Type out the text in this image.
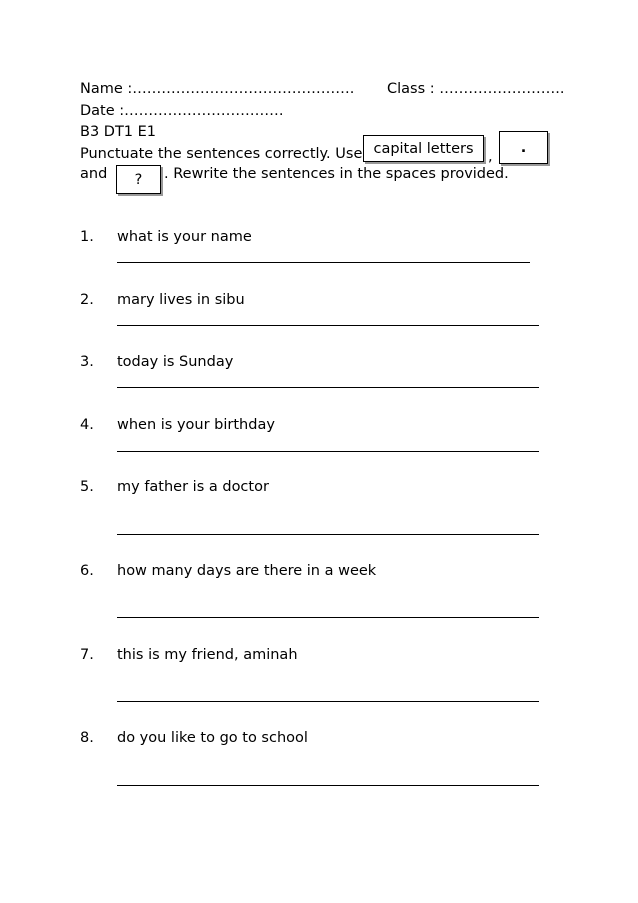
Name :………………………………………. Class : ……………………..
Date :……………………………
B3 DT1 E1
Punctuate the sentences correctly. Use capital letters
,
.
and	?	. Rewrite the sentences in the spaces provided.
1. what is your name
2. mary lives in sibu
3. today is Sunday
4. when is your birthday
5. my father is a doctor
6. how many days are there in a week
7. this is my friend, aminah
8. do you like to go to school
